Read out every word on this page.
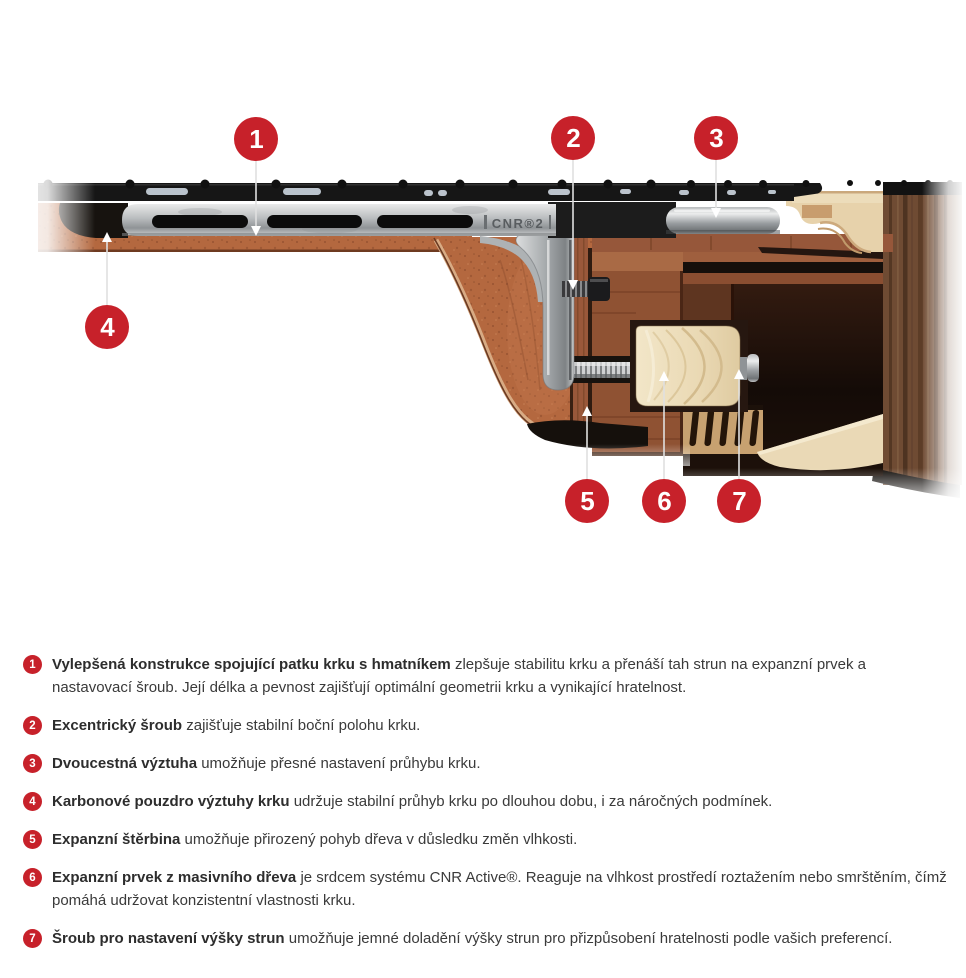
CNR®2
1	2	3
4
5	6	7
1	Vylepšená konstrukce spojující patku krku s hmatníkem zlepšuje stabilitu krku a přenáší tah strun na expanzní prvek a nastavovací šroub. Její délka a pevnost zajišťují optimální geometrii krku a vynikající hratelnost.

2	Excentrický šroub zajišťuje stabilní boční polohu krku.

3	Dvoucestná výztuha umožňuje přesné nastavení průhybu krku.

4	Karbonové pouzdro výztuhy krku udržuje stabilní průhyb krku po dlouhou dobu, i za náročných podmínek.

5	Expanzní štěrbina umožňuje přirozený pohyb dřeva v důsledku změn vlhkosti.

6	Expanzní prvek z masivního dřeva je srdcem systému CNR Active®. Reaguje na vlhkost prostředí roztažením nebo smrštěním, čímž pomáhá udržovat konzistentní vlastnosti krku.

7	Šroub pro nastavení výšky strun umožňuje jemné doladění výšky strun pro přizpůsobení hratelnosti podle vašich preferencí.
